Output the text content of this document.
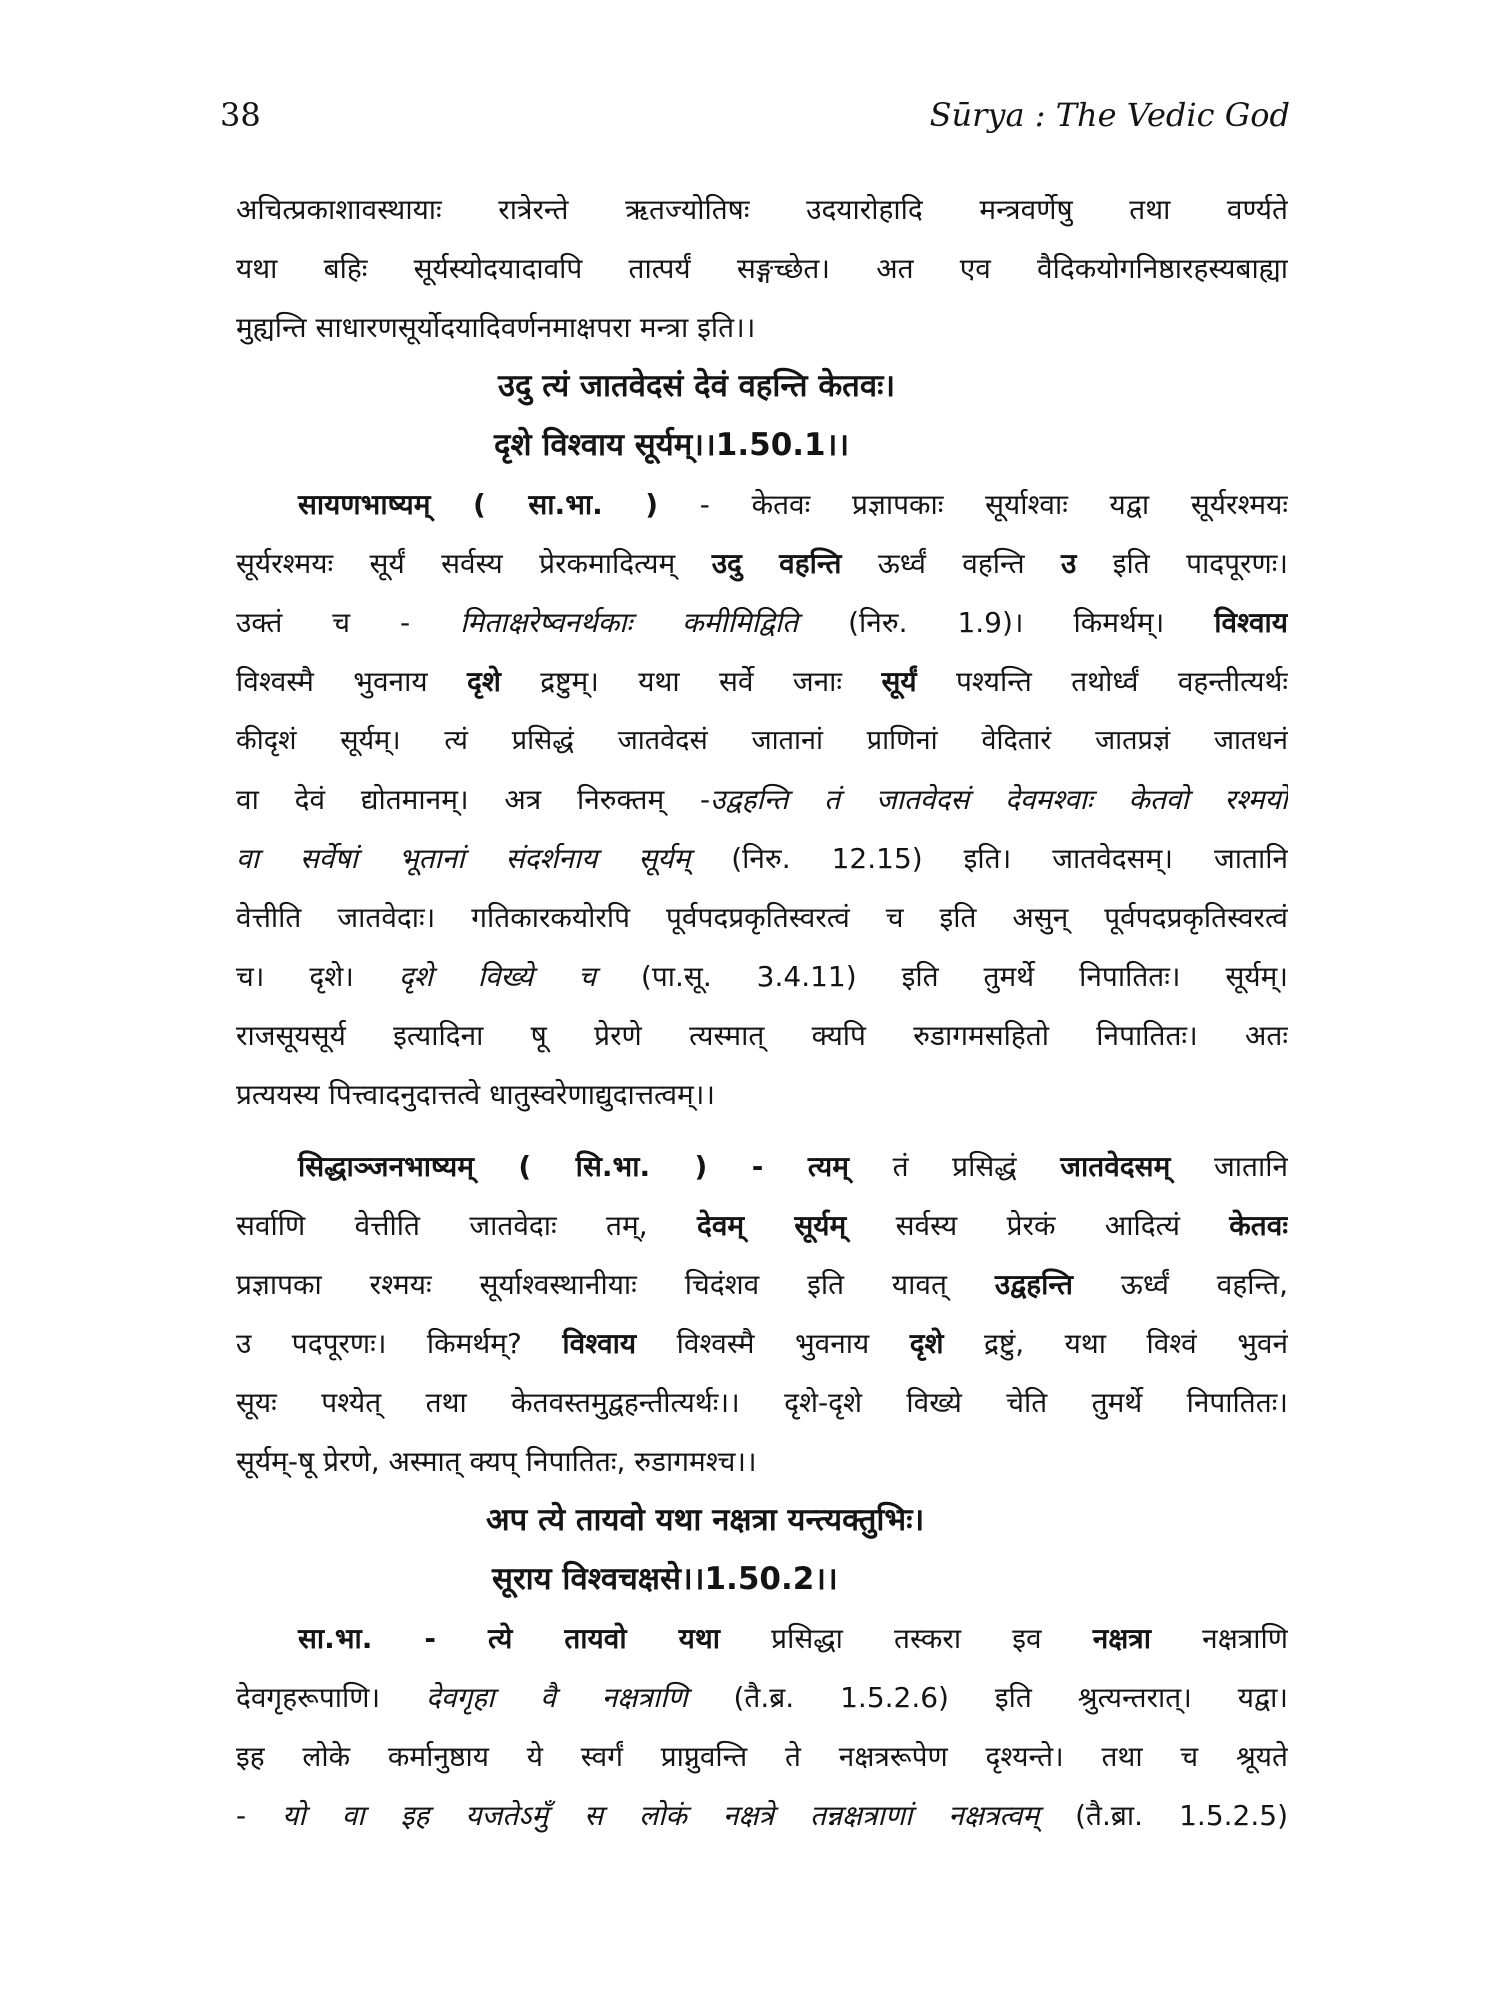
38	Sūrya : The Vedic God
अचित्प्रकाशावस्थायाः रात्रेरन्ते ऋतज्योतिषः उदयारोहादि मन्त्रवर्णेषु तथा वर्ण्यते
यथा बहिः सूर्यस्योदयादावपि तात्पर्यं सङ्गच्छेत। अत एव वैदिकयोगनिष्ठारहस्यबाह्या
मुह्यन्ति साधारणसूर्योदयादिवर्णनमाक्षपरा मन्त्रा इति।।
उदु त्यं जातवेदसं देवं वहन्ति केतवः।
दृशे विश्वाय सूर्यम्।।1.50.1।।
सायणभाष्यम् ( सा.भा. ) - केतवः प्रज्ञापकाः सूर्याश्वाः यद्वा सूर्यरश्मयः
सूर्यरश्मयः सूर्यं सर्वस्य प्रेरकमादित्यम् उदु वहन्ति ऊर्ध्वं वहन्ति उ इति पादपूरणः।
उक्तं च - मिताक्षरेष्वनर्थकाः कमीमिद्विति (निरु. 1.9)। किमर्थम्। विश्वाय
विश्वस्मै भुवनाय दृशे द्रष्टुम्। यथा सर्वे जनाः सूर्यं पश्यन्ति तथोर्ध्वं वहन्तीत्यर्थः
कीदृशं सूर्यम्। त्यं प्रसिद्धं जातवेदसं जातानां प्राणिनां वेदितारं जातप्रज्ञं जातधनं
वा देवं द्योतमानम्। अत्र निरुक्तम् -उद्वहन्ति तं जातवेदसं देवमश्वाः केतवो रश्मयो
वा सर्वेषां भूतानां संदर्शनाय सूर्यम् (निरु. 12.15) इति। जातवेदसम्। जातानि
वेत्तीति जातवेदाः। गतिकारकयोरपि पूर्वपदप्रकृतिस्वरत्वं च इति असुन् पूर्वपदप्रकृतिस्वरत्वं
च। दृशे। दृशे विख्ये च (पा.सू. 3.4.11) इति तुमर्थे निपातितः। सूर्यम्।
राजसूयसूर्य इत्यादिना षू प्रेरणे त्यस्मात् क्यपि रुडागमसहितो निपातितः। अतः
प्रत्ययस्य पित्त्वादनुदात्तत्वे धातुस्वरेणाद्युदात्तत्वम्।।
सिद्धाञ्जनभाष्यम् ( सि.भा. ) - त्यम् तं प्रसिद्धं जातवेदसम् जातानि
सर्वाणि वेत्तीति जातवेदाः तम्, देवम् सूर्यम् सर्वस्य प्रेरकं आदित्यं केतवः
प्रज्ञापका रश्मयः सूर्याश्वस्थानीयाः चिदंशव इति यावत् उद्वहन्ति ऊर्ध्वं वहन्ति,
उ पदपूरणः। किमर्थम्? विश्वाय विश्वस्मै भुवनाय दृशे द्रष्टुं, यथा विश्वं भुवनं
सूयः पश्येत् तथा केतवस्तमुद्वहन्तीत्यर्थः।। दृशे-दृशे विख्ये चेति तुमर्थे निपातितः।
सूर्यम्-षू प्रेरणे, अस्मात् क्यप् निपातितः, रुडागमश्च।।
अप त्ये तायवो यथा नक्षत्रा यन्त्यक्तुभिः।
सूराय विश्वचक्षसे।।1.50.2।।
सा.भा. - त्ये तायवो यथा प्रसिद्धा तस्करा इव नक्षत्रा नक्षत्राणि
देवगृहरूपाणि। देवगृहा वै नक्षत्राणि (तै.ब्र. 1.5.2.6) इति श्रुत्यन्तरात्। यद्वा।
इह लोके कर्मानुष्ठाय ये स्वर्गं प्राप्नुवन्ति ते नक्षत्ररूपेण दृश्यन्ते। तथा च श्रूयते
- यो वा इह यजतेऽमुँ स लोकं नक्षत्रे तन्नक्षत्राणां नक्षत्रत्वम् (तै.ब्रा. 1.5.2.5)
